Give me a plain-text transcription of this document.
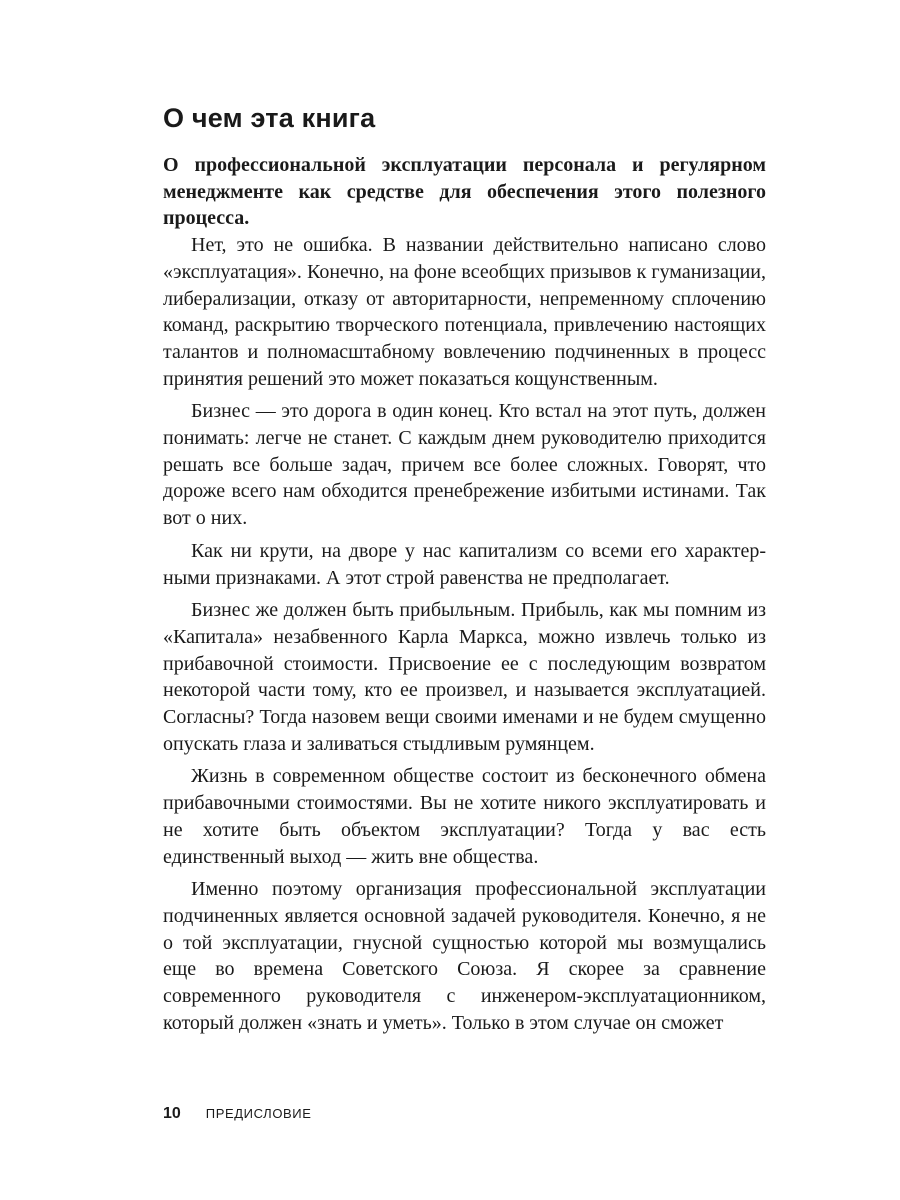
О чем эта книга

О профессиональной эксплуатации персонала и регулярном менеджменте как средстве для обеспечения этого полезного процесса.

Нет, это не ошибка. В названии действительно написано слово «эксплуатация». Конечно, на фоне всеобщих призывов к гуманизации, либерализации, отказу от авторитарности, непременному сплочению команд, раскрытию творческого потенциала, привлечению настоящих талантов и полномасштабному вовлечению подчиненных в процесс принятия решений это может показаться кощунственным.

Бизнес — это дорога в один конец. Кто встал на этот путь, должен понимать: легче не станет. С каждым днем руководителю приходится решать все больше задач, причем все более сложных. Говорят, что дороже всего нам обходится пренебрежение избитыми истинами. Так вот о них.

Как ни крути, на дворе у нас капитализм со всеми его характерными признаками. А этот строй равенства не предполагает.

Бизнес же должен быть прибыльным. Прибыль, как мы помним из «Капитала» незабвенного Карла Маркса, можно извлечь только из прибавочной стоимости. Присвоение ее с последующим возвратом некоторой части тому, кто ее произвел, и называется эксплуатацией. Согласны? Тогда назовем вещи своими именами и не будем смущенно опускать глаза и заливаться стыдливым румянцем.

Жизнь в современном обществе состоит из бесконечного обмена прибавочными стоимостями. Вы не хотите никого эксплуатировать и не хотите быть объектом эксплуатации? Тогда у вас есть единственный выход — жить вне общества.

Именно поэтому организация профессиональной эксплуатации подчиненных является основной задачей руководителя. Конечно, я не о той эксплуатации, гнусной сущностью которой мы возмущались еще во времена Советского Союза. Я скорее за сравнение современного руководителя с инженером-эксплуатационником, который должен «знать и уметь». Только в этом случае он сможет

10 ПРЕДИСЛОВИЕ
